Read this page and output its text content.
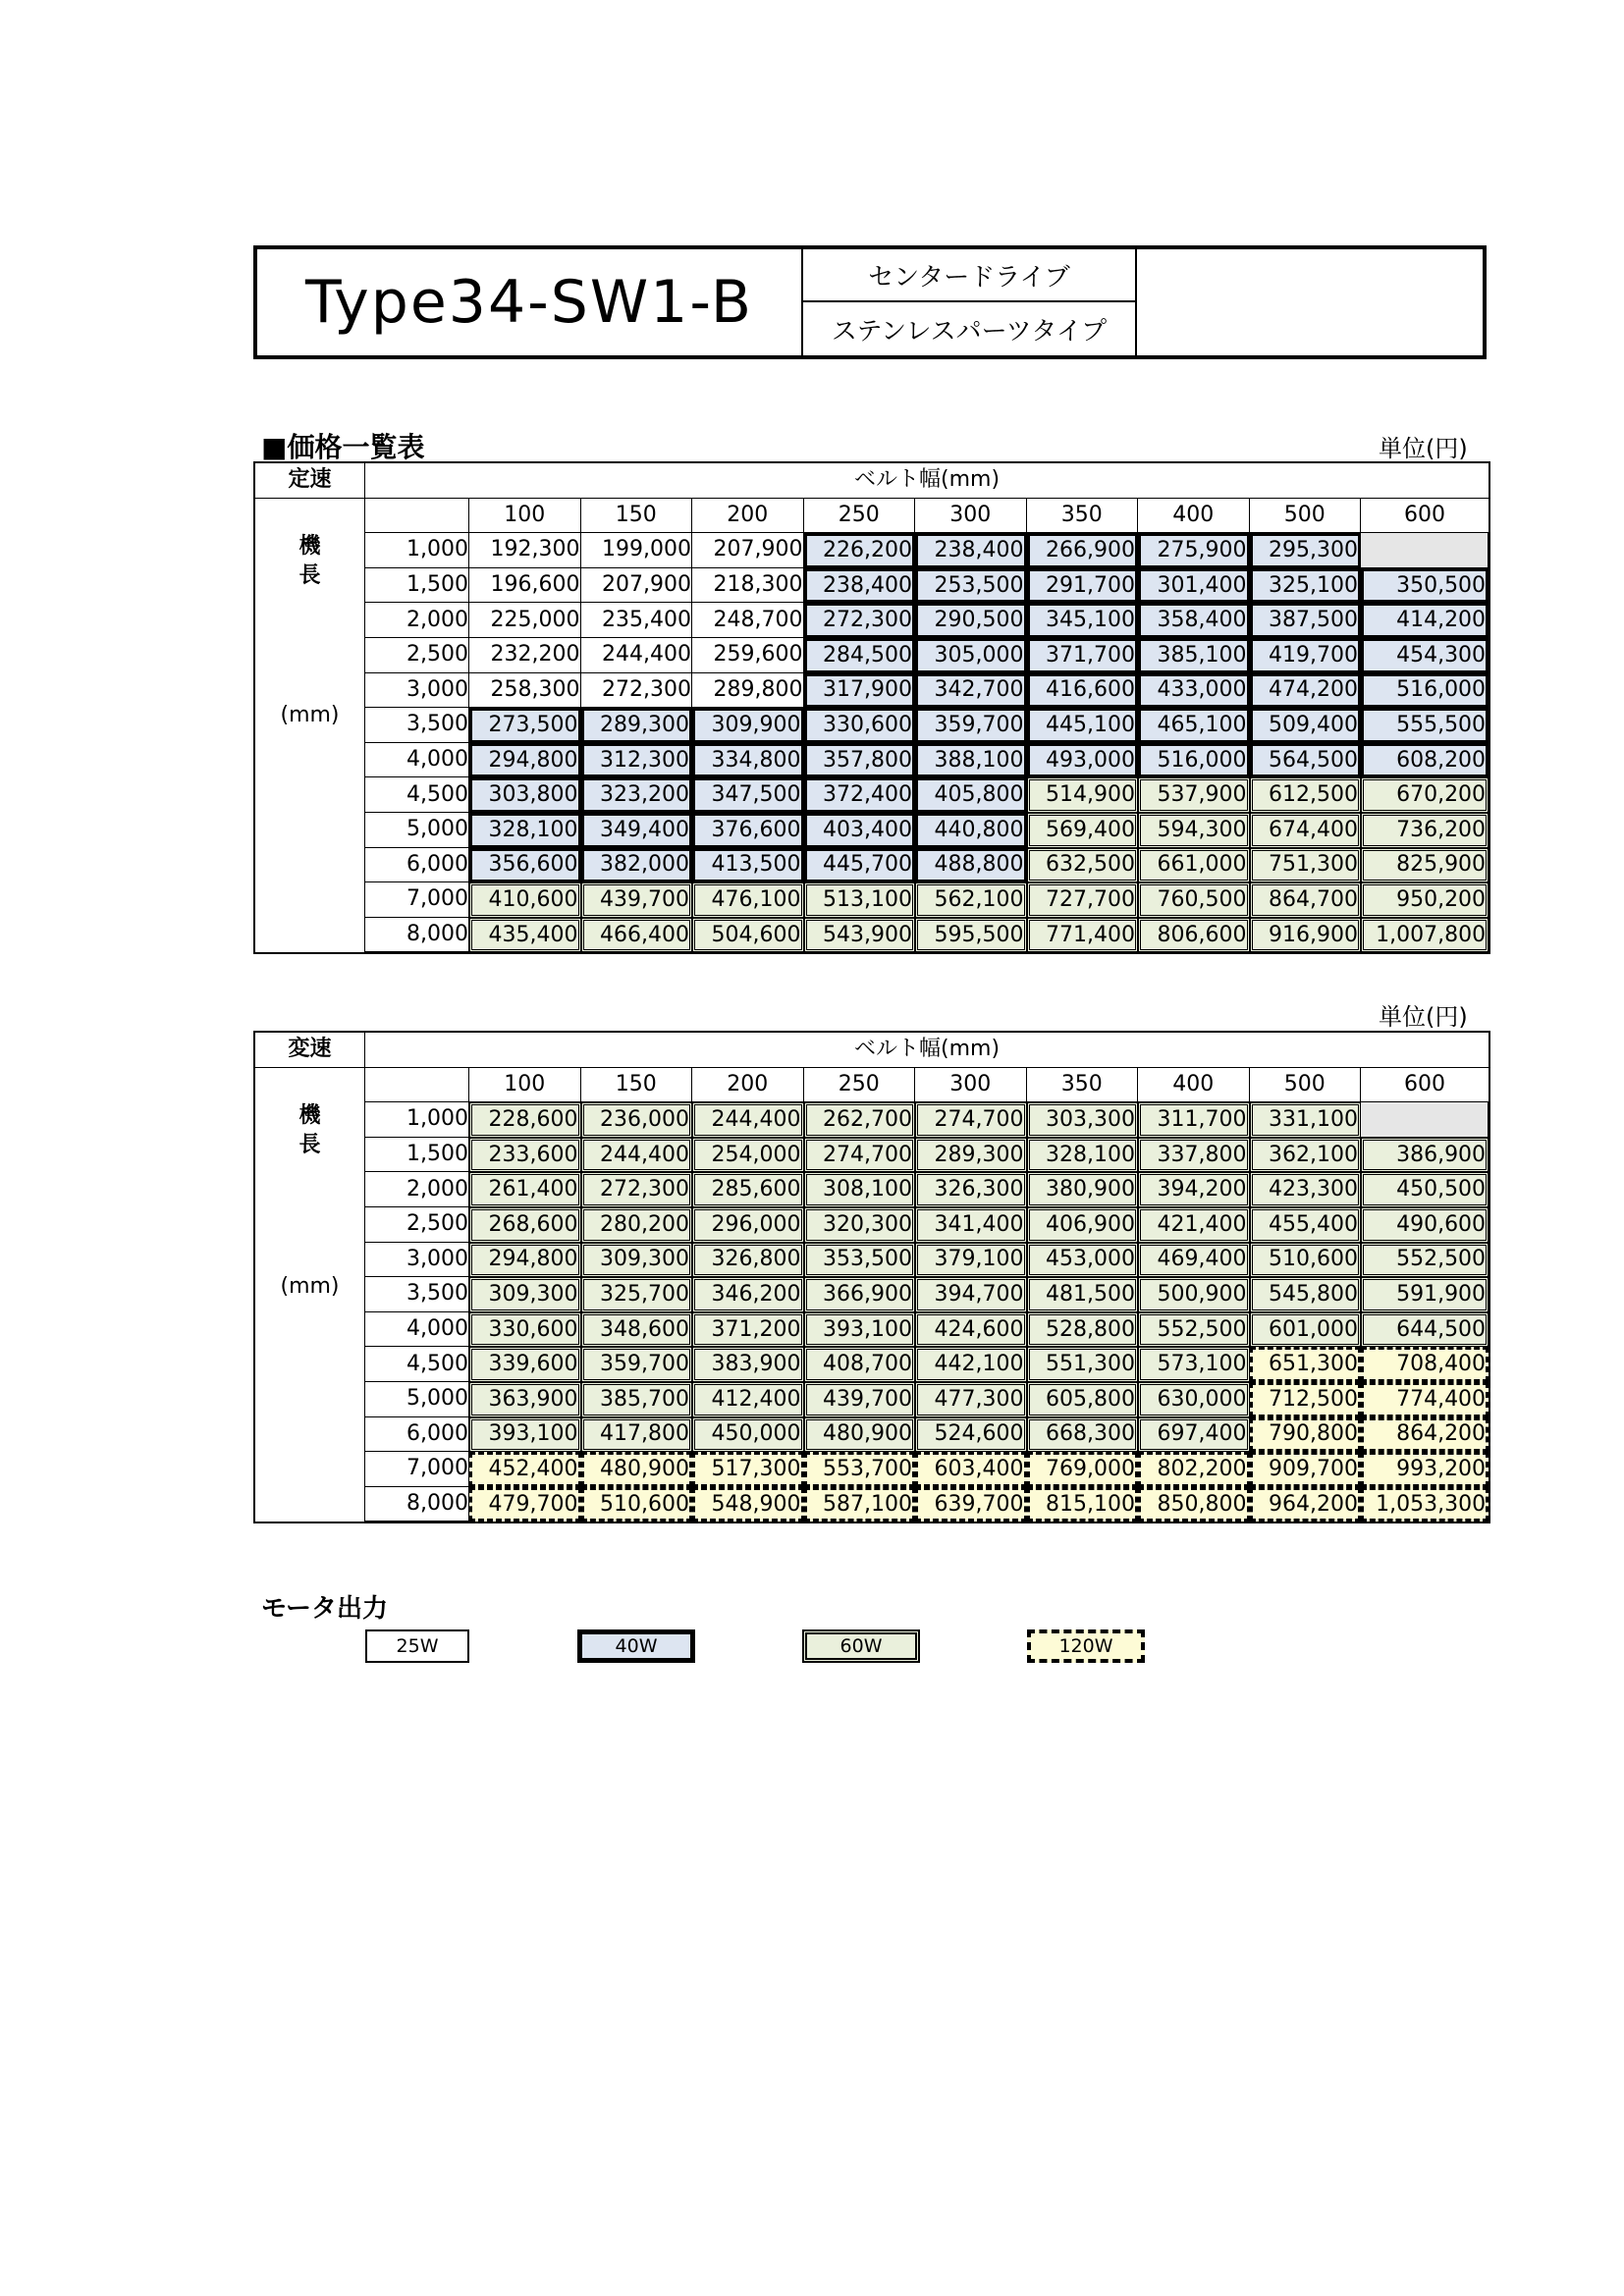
Type34-SW1-B	センタードライブ
ステンレスパーツタイプ
■価格一覧表	単位(円)
単位(円)
定速	ベルト幅(mm)									

機
長
(mm)		100	150	200	250	300	350	400	500	600
	1,000	192,300	199,000	207,900	226,200	238,400	266,900	275,900	295,300	
	1,500	196,600	207,900	218,300	238,400	253,500	291,700	301,400	325,100	350,500
	2,000	225,000	235,400	248,700	272,300	290,500	345,100	358,400	387,500	414,200
	2,500	232,200	244,400	259,600	284,500	305,000	371,700	385,100	419,700	454,300
	3,000	258,300	272,300	289,800	317,900	342,700	416,600	433,000	474,200	516,000
	3,500	273,500	289,300	309,900	330,600	359,700	445,100	465,100	509,400	555,500
	4,000	294,800	312,300	334,800	357,800	388,100	493,000	516,000	564,500	608,200
	4,500	303,800	323,200	347,500	372,400	405,800	514,900	537,900	612,500	670,200
	5,000	328,100	349,400	376,600	403,400	440,800	569,400	594,300	674,400	736,200
	6,000	356,600	382,000	413,500	445,700	488,800	632,500	661,000	751,300	825,900
	7,000	410,600	439,700	476,100	513,100	562,100	727,700	760,500	864,700	950,200
	8,000	435,400	466,400	504,600	543,900	595,500	771,400	806,600	916,900	1,007,800
変速	ベルト幅(mm)									

機
長
(mm)		100	150	200	250	300	350	400	500	600
	1,000	228,600	236,000	244,400	262,700	274,700	303,300	311,700	331,100	
	1,500	233,600	244,400	254,000	274,700	289,300	328,100	337,800	362,100	386,900
	2,000	261,400	272,300	285,600	308,100	326,300	380,900	394,200	423,300	450,500
	2,500	268,600	280,200	296,000	320,300	341,400	406,900	421,400	455,400	490,600
	3,000	294,800	309,300	326,800	353,500	379,100	453,000	469,400	510,600	552,500
	3,500	309,300	325,700	346,200	366,900	394,700	481,500	500,900	545,800	591,900
	4,000	330,600	348,600	371,200	393,100	424,600	528,800	552,500	601,000	644,500
	4,500	339,600	359,700	383,900	408,700	442,100	551,300	573,100	651,300	708,400
	5,000	363,900	385,700	412,400	439,700	477,300	605,800	630,000	712,500	774,400
	6,000	393,100	417,800	450,000	480,900	524,600	668,300	697,400	790,800	864,200
	7,000	452,400	480,900	517,300	553,700	603,400	769,000	802,200	909,700	993,200
	8,000	479,700	510,600	548,900	587,100	639,700	815,100	850,800	964,200	1,053,300
モータ出力
25W	40W	60W	120W
